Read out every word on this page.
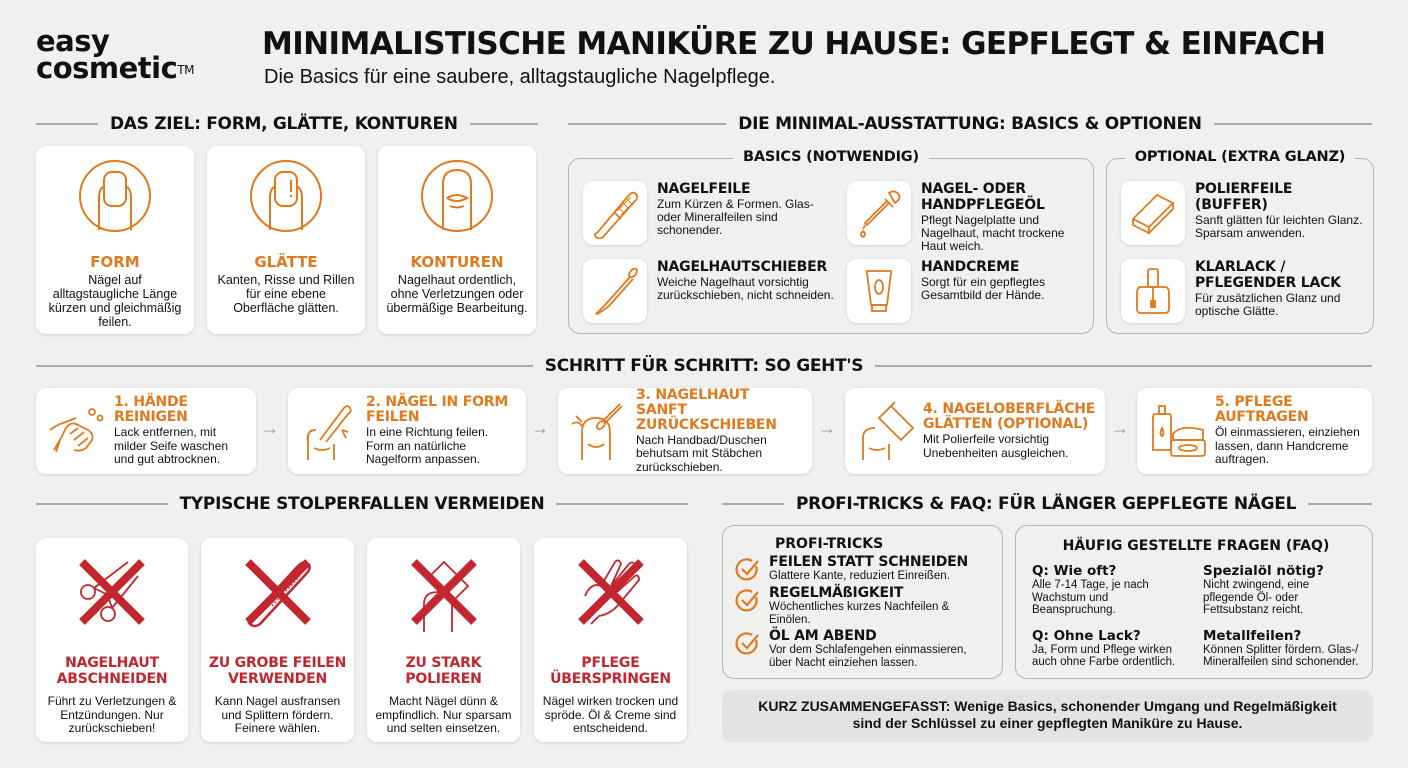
easy
cosmetic™
MINIMALISTISCHE MANIKÜRE ZU HAUSE: GEPFLEGT & EINFACH
Die Basics für eine saubere, alltagstaugliche Nagelpflege.
DAS ZIEL: FORM, GLÄTTE, KONTUREN
FORM
Nägel auf alltagstaugliche Länge kürzen und gleichmäßig feilen.
GLÄTTE
Kanten, Risse und Rillen für eine ebene Oberfläche glätten.
KONTUREN
Nagelhaut ordentlich, ohne Verletzungen oder übermäßige Bearbeitung.
DIE MINIMAL-AUSSTATTUNG: BASICS & OPTIONEN
BASICS (NOTWENDIG)
NAGELFEILE
Zum Kürzen & Formen. Glas- oder Mineralfeilen sind schonender.
NAGEL- ODER HANDPFLEGEÖL
Pflegt Nagelplatte und Nagelhaut, macht trockene Haut weich.
NAGELHAUTSCHIEBER
Weiche Nagelhaut vorsichtig zurückschieben, nicht schneiden.
HANDCREME
Sorgt für ein gepflegtes Gesamtbild der Hände.
OPTIONAL (EXTRA GLANZ)
POLIERFEILE (BUFFER)
Sanft glätten für leichten Glanz. Sparsam anwenden.
KLARLACK / PFLEGENDER LACK
Für zusätzlichen Glanz und optische Glätte.
SCHRITT FÜR SCHRITT: SO GEHT'S
1. HÄNDE REINIGEN
Lack entfernen, mit milder Seife waschen und gut abtrocknen.
→
2. NÄGEL IN FORM FEILEN
In eine Richtung feilen. Form an natürliche Nagelform anpassen.
→
3. NAGELHAUT SANFT ZURÜCKSCHIEBEN
Nach Handbad/Duschen behutsam mit Stäbchen zurückschieben.
→
4. NAGELOBERFLÄCHE GLÄTTEN (OPTIONAL)
Mit Polierfeile vorsichtig Unebenheiten ausgleichen.
→
5. PFLEGE AUFTRAGEN
Öl einmassieren, einziehen lassen, dann Handcreme auftragen.
TYPISCHE STOLPERFALLEN VERMEIDEN
NAGELHAUT ABSCHNEIDEN
Führt zu Verletzungen & Entzündungen. Nur zurückschieben!
ZU GROBE FEILEN VERWENDEN
Kann Nagel ausfransen und Splittern fördern. Feinere wählen.
ZU STARK POLIEREN
Macht Nägel dünn & empfindlich. Nur sparsam und selten einsetzen.
PFLEGE ÜBERSPRINGEN
Nägel wirken trocken und spröde. Öl & Creme sind entscheidend.
PROFI-TRICKS & FAQ: FÜR LÄNGER GEPFLEGTE NÄGEL
PROFI-TRICKS
FEILEN STATT SCHNEIDEN
Glattere Kante, reduziert Einreißen.
REGELMÄßIGKEIT
Wöchentliches kurzes Nachfeilen & Einölen.
ÖL AM ABEND
Vor dem Schlafengehen einmassieren, über Nacht einziehen lassen.
HÄUFIG GESTELLTE FRAGEN (FAQ)
Q: Wie oft?
Alle 7-14 Tage, je nach Wachstum und Beanspruchung.
Spezialöl nötig?
Nicht zwingend, eine pflegende Öl- oder Fettsubstanz reicht.
Q: Ohne Lack?
Ja, Form und Pflege wirken auch ohne Farbe ordentlich.
Metallfeilen?
Können Splitter fördern. Glas-/ Mineralfeilen sind schonender.
KURZ ZUSAMMENGEFASST: Wenige Basics, schonender Umgang und Regelmäßigkeit
sind der Schlüssel zu einer gepflegten Maniküre zu Hause.
